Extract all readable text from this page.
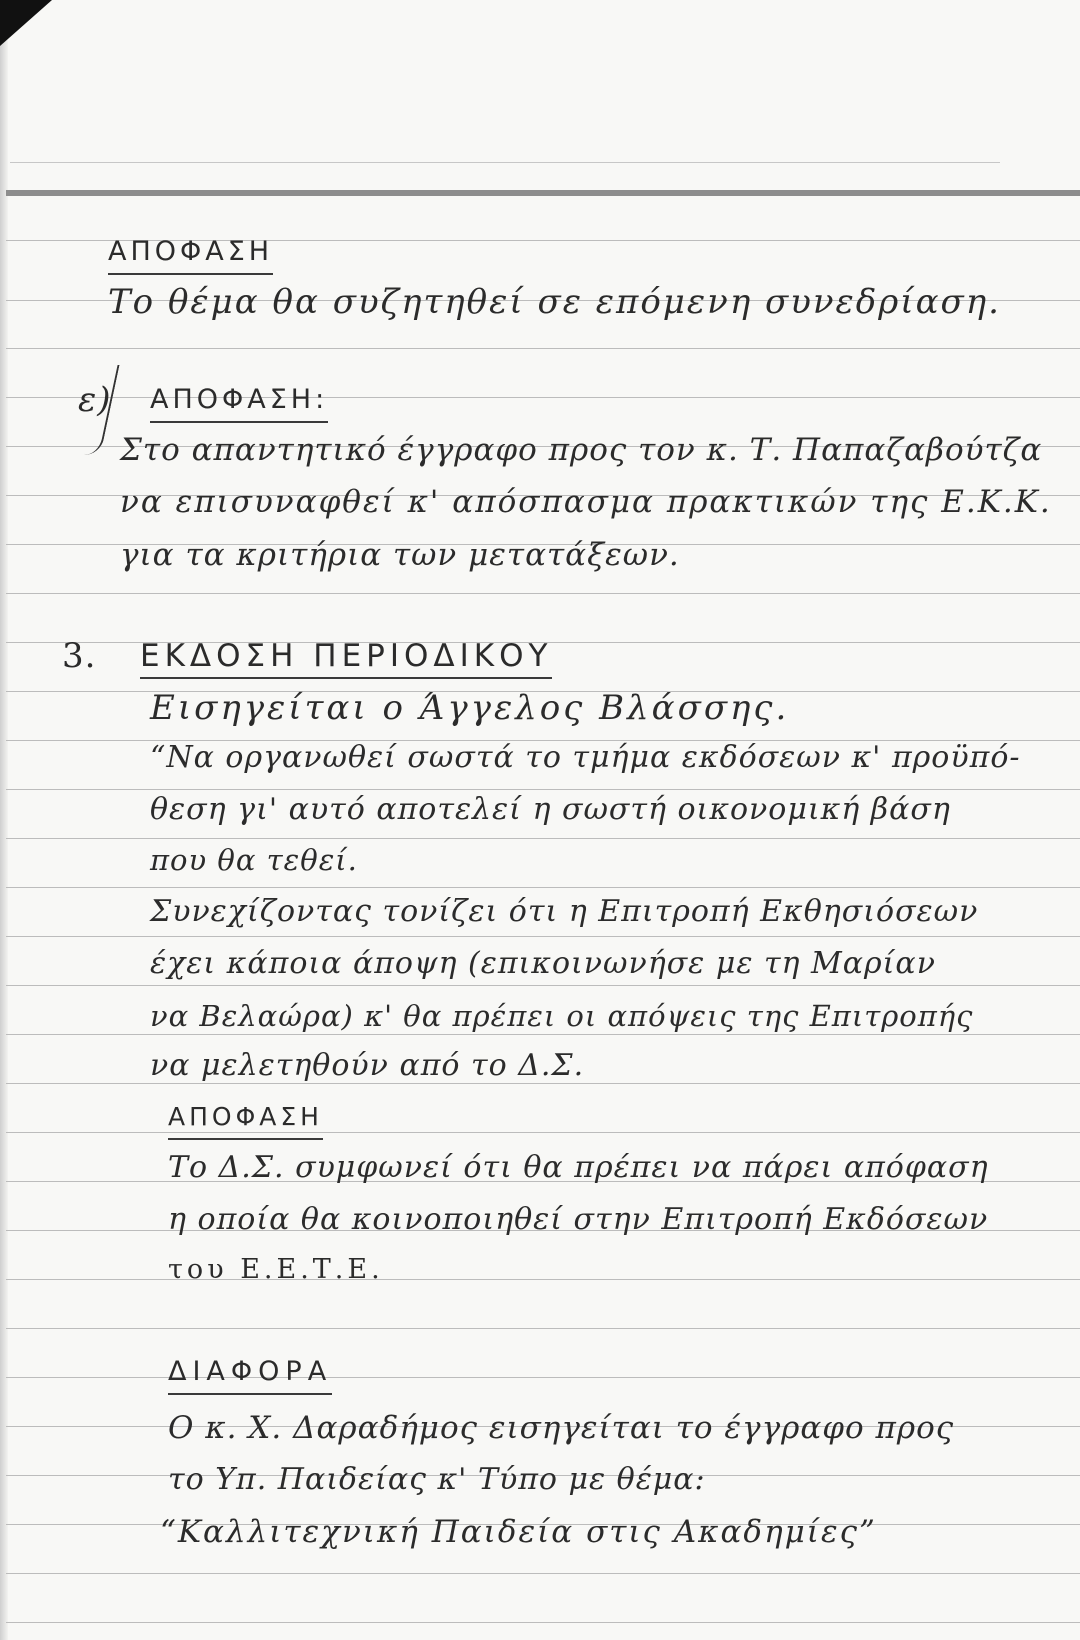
ΑΠΟΦΑΣΗ
Το θέμα θα συζητηθεί σε επόμενη συνεδρίαση.
ε) ΑΠΟΦΑΣΗ:
Στο απαντητικό έγγραφο προς τον κ. Τ. Παπαζαβούτζα
να επισυναφθεί κ' απόσπασμα πρακτικών της Ε.Κ.Κ.
για τα κριτήρια των μετατάξεων.
3. ΕΚΔΟΣΗ ΠΕΡΙΟΔΙΚΟΥ
Εισηγείται ο Άγγελος Βλάσσης.
“Να οργανωθεί σωστά το τμήμα εκδόσεων κ' προϋπό-
θεση γι' αυτό αποτελεί η σωστή οικονομική βάση
που θα τεθεί.
Συνεχίζοντας τονίζει ότι η Επιτροπή Εκθησιόσεων
έχει κάποια άποψη (επικοινωνήσε με τη Μαρίαν
να Βελαώρα) κ' θα πρέπει οι απόψεις της Επιτροπής
να μελετηθούν από το Δ.Σ.
ΑΠΟΦΑΣΗ
Το Δ.Σ. συμφωνεί ότι θα πρέπει να πάρει απόφαση
η οποία θα κοινοποιηθεί στην Επιτροπή Εκδόσεων
του Ε.Ε.Τ.Ε.
ΔΙΑΦΟΡΑ
Ο κ. Χ. Δαραδήμος εισηγείται το έγγραφο προς
το Υπ. Παιδείας κ' Τύπο με θέμα:
“Καλλιτεχνική Παιδεία στις Ακαδημίες”
